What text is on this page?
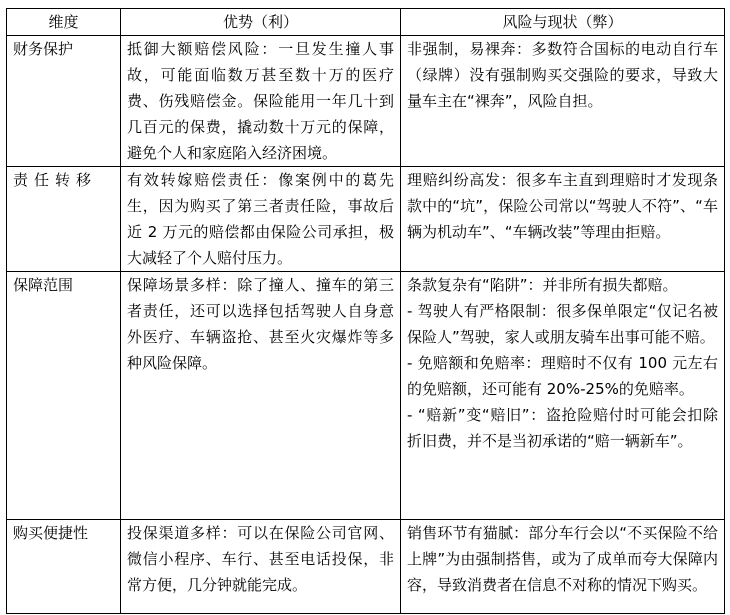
维度	优势（利）	风险与现状（弊）
财务保护	抵御大额赔偿风险：一旦发生撞人事故，可能面临数万甚至数十万的医疗费、伤残赔偿金。保险能用一年几十到几百元的保费，撬动数十万元的保障，避免个人和家庭陷入经济困境。	非强制，易裸奔：多数符合国标的电动自行车（绿牌）没有强制购买交强险的要求，导致大量车主在“裸奔”，风险自担。

责任转移	有效转嫁赔偿责任：像案例中的葛先生，因为购买了第三者责任险，事故后近 2 万元的赔偿都由保险公司承担，极大减轻了个人赔付压力。	理赔纠纷高发：很多车主直到理赔时才发现条款中的“坑”，保险公司常以“驾驶人不符”、“车辆为机动车”、“车辆改装”等理由拒赔。

保障范围	保障场景多样：除了撞人、撞车的第三者责任，还可以选择包括驾驶人自身意外医疗、车辆盗抢、甚至火灾爆炸等多种风险保障。	条款复杂有“陷阱”：并非所有损失都赔。

- 驾驶人有严格限制：很多保单限定“仅记名被保险人”驾驶，家人或朋友骑车出事可能不赔。

- 免赔额和免赔率：理赔时不仅有 100 元左右的免赔额，还可能有 20%-25%的免赔率。

- “赔新”变“赔旧”：盗抢险赔付时可能会扣除折旧费，并不是当初承诺的“赔一辆新车”。

购买便捷性	投保渠道多样：可以在保险公司官网、微信小程序、车行、甚至电话投保，非常方便，几分钟就能完成。	销售环节有猫腻：部分车行会以“不买保险不给上牌”为由强制搭售，或为了成单而夸大保障内容，导致消费者在信息不对称的情况下购买。
